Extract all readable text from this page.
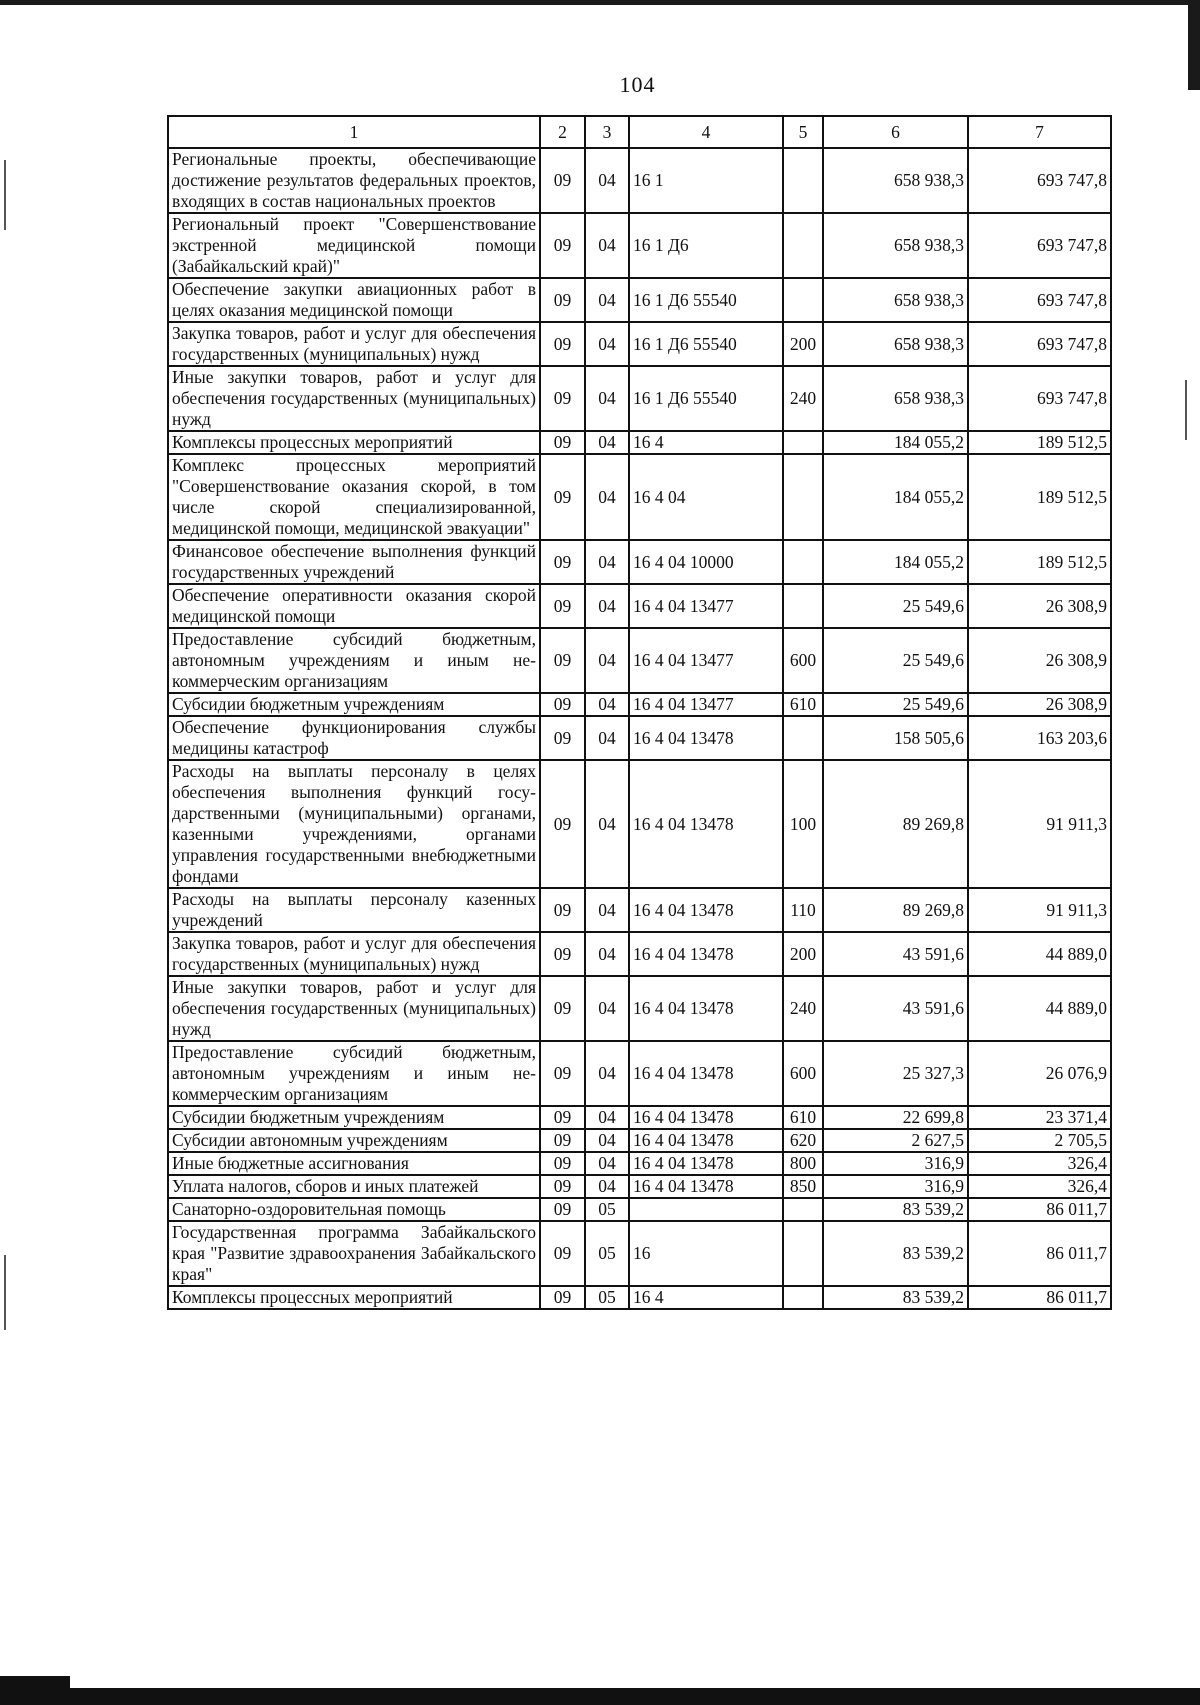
104
1	2	3	4	5	6	7
Региональные проекты, обеспечивающие достижение результатов федеральных проектов, входящих в состав национальных проектов	09	04	16 1		658 938,3	693 747,8
Региональный проект "Совершенствование экстренной медицинской помощи (Забайкальский край)"	09	04	16 1 Д6		658 938,3	693 747,8
Обеспечение закупки авиационных работ в целях оказания медицинской помощи	09	04	16 1 Д6 55540		658 938,3	693 747,8
Закупка товаров, работ и услуг для обеспечения государственных (муниципальных) нужд	09	04	16 1 Д6 55540	200	658 938,3	693 747,8
Иные закупки товаров, работ и услуг для обеспечения государственных (муниципальных) нужд	09	04	16 1 Д6 55540	240	658 938,3	693 747,8
Комплексы процессных мероприятий	09	04	16 4		184 055,2	189 512,5
Комплекс процессных мероприятий "Совершенствование оказания скорой, в том числе скорой специализированной, медицинской помощи, медицинской эвакуации"	09	04	16 4 04		184 055,2	189 512,5
Финансовое обеспечение выполнения функций государственных учреждений	09	04	16 4 04 10000		184 055,2	189 512,5
Обеспечение оперативности оказания скорой медицинской помощи	09	04	16 4 04 13477		25 549,6	26 308,9
Предоставление субсидий бюджетным, автономным учреждениям и иным некоммерческим организациям	09	04	16 4 04 13477	600	25 549,6	26 308,9
Субсидии бюджетным учреждениям	09	04	16 4 04 13477	610	25 549,6	26 308,9
Обеспечение функционирования службы медицины катастроф	09	04	16 4 04 13478		158 505,6	163 203,6
Расходы на выплаты персоналу в целях обеспечения выполнения функций государственными (муниципальными) органами, казенными учреждениями, органами управления государственными внебюджетными фондами	09	04	16 4 04 13478	100	89 269,8	91 911,3
Расходы на выплаты персоналу казенных учреждений	09	04	16 4 04 13478	110	89 269,8	91 911,3
Закупка товаров, работ и услуг для обеспечения государственных (муниципальных) нужд	09	04	16 4 04 13478	200	43 591,6	44 889,0
Иные закупки товаров, работ и услуг для обеспечения государственных (муниципальных) нужд	09	04	16 4 04 13478	240	43 591,6	44 889,0
Предоставление субсидий бюджетным, автономным учреждениям и иным некоммерческим организациям	09	04	16 4 04 13478	600	25 327,3	26 076,9
Субсидии бюджетным учреждениям	09	04	16 4 04 13478	610	22 699,8	23 371,4
Субсидии автономным учреждениям	09	04	16 4 04 13478	620	2 627,5	2 705,5
Иные бюджетные ассигнования	09	04	16 4 04 13478	800	316,9	326,4
Уплата налогов, сборов и иных платежей	09	04	16 4 04 13478	850	316,9	326,4
Санаторно-оздоровительная помощь	09	05			83 539,2	86 011,7
Государственная программа Забайкальского края "Развитие здравоохранения Забайкальского края"	09	05	16		83 539,2	86 011,7
Комплексы процессных мероприятий	09	05	16 4		83 539,2	86 011,7
